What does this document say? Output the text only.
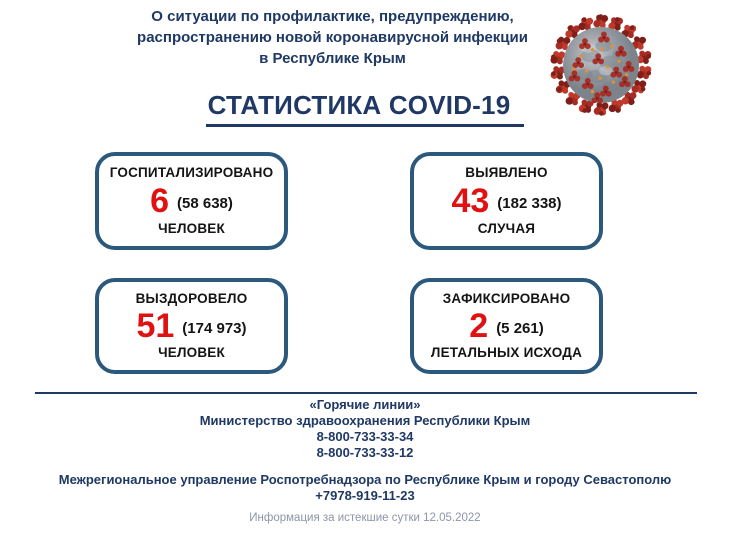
О ситуации по профилактике, предупреждению,
распространению новой коронавирусной инфекции
в Республике Крым
СТАТИСТИКА COVID-19
ГОСПИТАЛИЗИРОВАНО
6 (58 638)
ЧЕЛОВЕК
ВЫЯВЛЕНО
43 (182 338)
СЛУЧАЯ
ВЫЗДОРОВЕЛО
51 (174 973)
ЧЕЛОВЕК
ЗАФИКСИРОВАНО
2 (5 261)
ЛЕТАЛЬНЫХ ИСХОДА
«Горячие линии»
Министерство здравоохранения Республики Крым
8-800-733-33-34
8-800-733-33-12
Межрегиональное управление Роспотребнадзора по Республике Крым и городу Севастополю
+7978-919-11-23
Информация за истекшие сутки 12.05.2022
